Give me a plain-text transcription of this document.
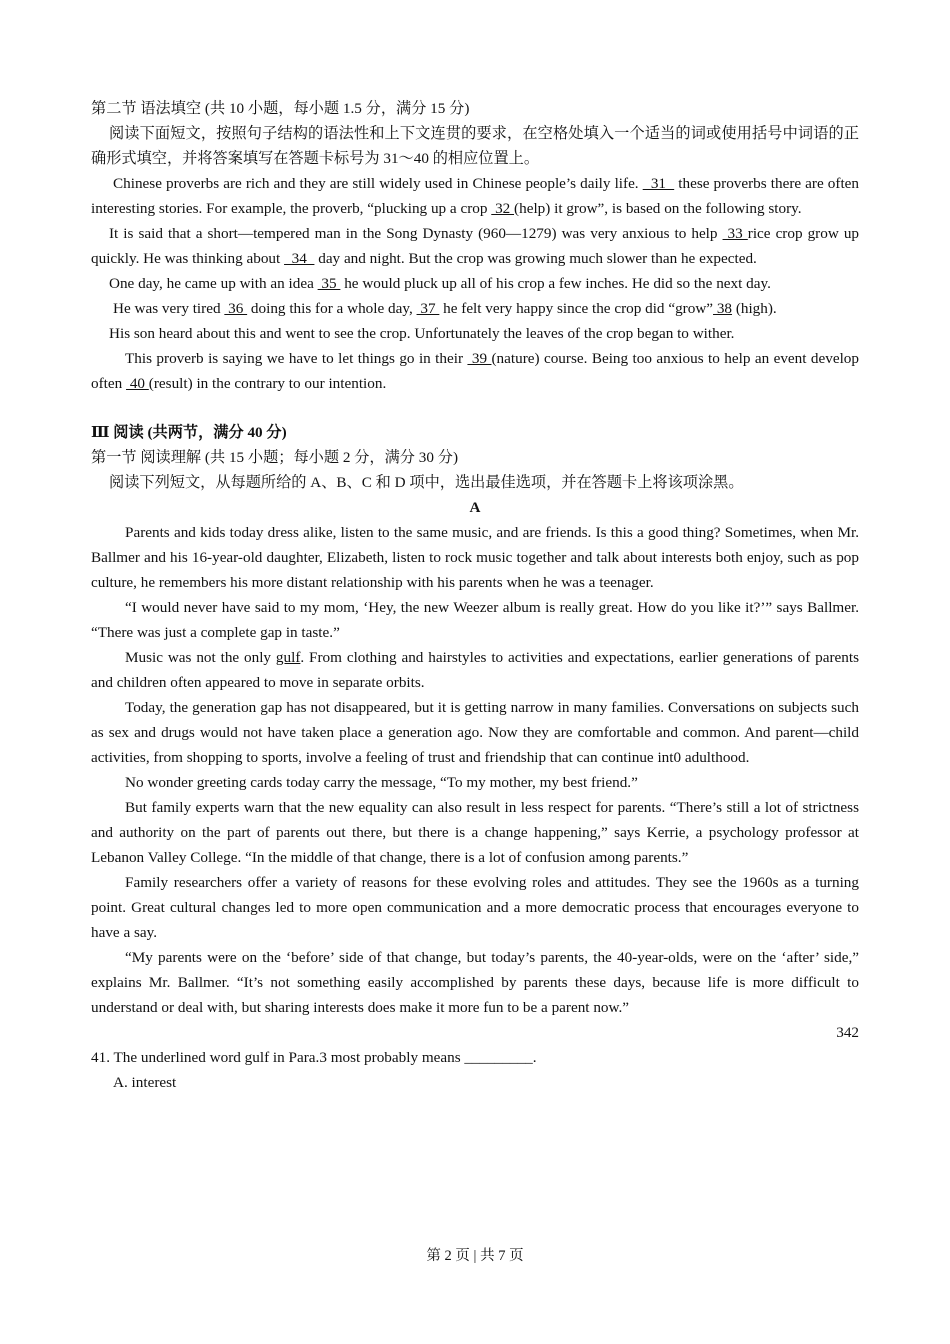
第二节 语法填空 (共 10 小题，每小题 1.5 分，满分 15 分)

阅读下面短文，按照句子结构的语法性和上下文连贯的要求，在空格处填入一个适当的词或使用括号中词语的正确形式填空，并将答案填写在答题卡标号为 31～40 的相应位置上。

Chinese proverbs are rich and they are still widely used in Chinese people’s daily life.   31   these proverbs there are often interesting stories. For example, the proverb, “plucking up a crop  32 (help) it grow”, is based on the following story.

It is said that a short—tempered man in the Song Dynasty (960—1279) was very anxious to help  33 rice crop grow up quickly. He was thinking about   34   day and night. But the crop was growing much slower than he expected.

One day, he came up with an idea  35  he would pluck up all of his crop a few inches. He did so the next day.

He was very tired  36  doing this for a whole day,  37  he felt very happy since the crop did “grow” 38 (high).

His son heard about this and went to see the crop. Unfortunately the leaves of the crop began to wither.

This proverb is saying we have to let things go in their  39 (nature) course. Being too anxious to help an event develop often  40 (result) in the contrary to our intention.

Ⅲ 阅读 (共两节，满分 40 分)

第一节 阅读理解 (共 15 小题；每小题 2 分，满分 30 分)

阅读下列短文，从每题所给的 A、B、C 和 D 项中，选出最佳选项，并在答题卡上将该项涂黑。

A

Parents and kids today dress alike, listen to the same music, and are friends. Is this a good thing? Sometimes, when Mr. Ballmer and his 16-year-old daughter, Elizabeth, listen to rock music together and talk about interests both enjoy, such as pop culture, he remembers his more distant relationship with his parents when he was a teenager.

“I would never have said to my mom, ‘Hey, the new Weezer album is really great. How do you like it?’” says Ballmer. “There was just a complete gap in taste.”

Music was not the only gulf. From clothing and hairstyles to activities and expectations, earlier generations of parents and children often appeared to move in separate orbits.

Today, the generation gap has not disappeared, but it is getting narrow in many families. Conversations on subjects such as sex and drugs would not have taken place a generation ago. Now they are comfortable and common. And parent—child activities, from shopping to sports, involve a feeling of trust and friendship that can continue int0 adulthood.

No wonder greeting cards today carry the message, “To my mother, my best friend.”

But family experts warn that the new equality can also result in less respect for parents. “There’s still a lot of strictness and authority on the part of parents out there, but there is a change happening,” says Kerrie, a psychology professor at Lebanon Valley College. “In the middle of that change, there is a lot of confusion among parents.”

Family researchers offer a variety of reasons for these evolving roles and attitudes. They see the 1960s as a turning point. Great cultural changes led to more open communication and a more democratic process that encourages everyone to have a say.

“My parents were on the ‘before’ side of that change, but today’s parents, the 40-year-olds, were on the ‘after’ side,” explains Mr. Ballmer. “It’s not something easily accomplished by parents these days, because life is more difficult to understand or deal with, but sharing interests does make it more fun to be a parent now.”

342

41. The underlined word gulf in Para.3 most probably means _________.

A. interest

第 2 页 | 共 7 页
